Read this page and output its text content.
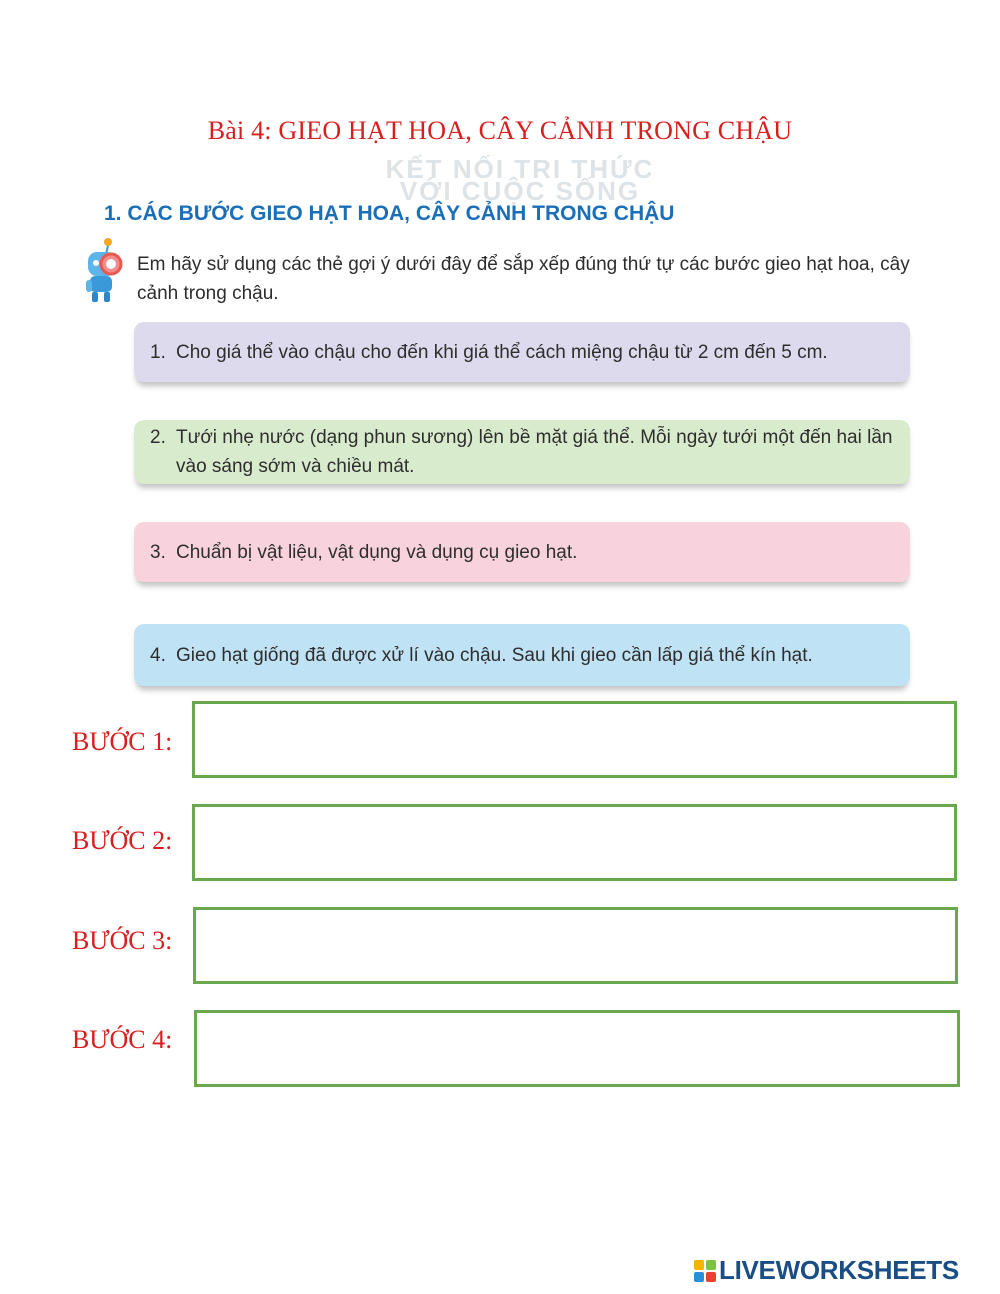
Bài 4: GIEO HẠT HOA, CÂY CẢNH TRONG CHẬU
KẾT NỐI TRI THỨC
VỚI CUỘC SỐNG
1. CÁC BƯỚC GIEO HẠT HOA, CÂY CẢNH TRONG CHẬU
Em hãy sử dụng các thẻ gợi ý dưới đây để sắp xếp đúng thứ tự các bước gieo hạt hoa, cây cảnh trong chậu.
1. Cho giá thể vào chậu cho đến khi giá thể cách miệng chậu từ 2 cm đến 5 cm.
2. Tưới nhẹ nước (dạng phun sương) lên bề mặt giá thể. Mỗi ngày tưới một đến hai lần vào sáng sớm và chiều mát.
3. Chuẩn bị vật liệu, vật dụng và dụng cụ gieo hạt.
4. Gieo hạt giống đã được xử lí vào chậu. Sau khi gieo cần lấp giá thể kín hạt.
BƯỚC 1:
BƯỚC 2:
BƯỚC 3:
BƯỚC 4:
LIVEWORKSHEETS
